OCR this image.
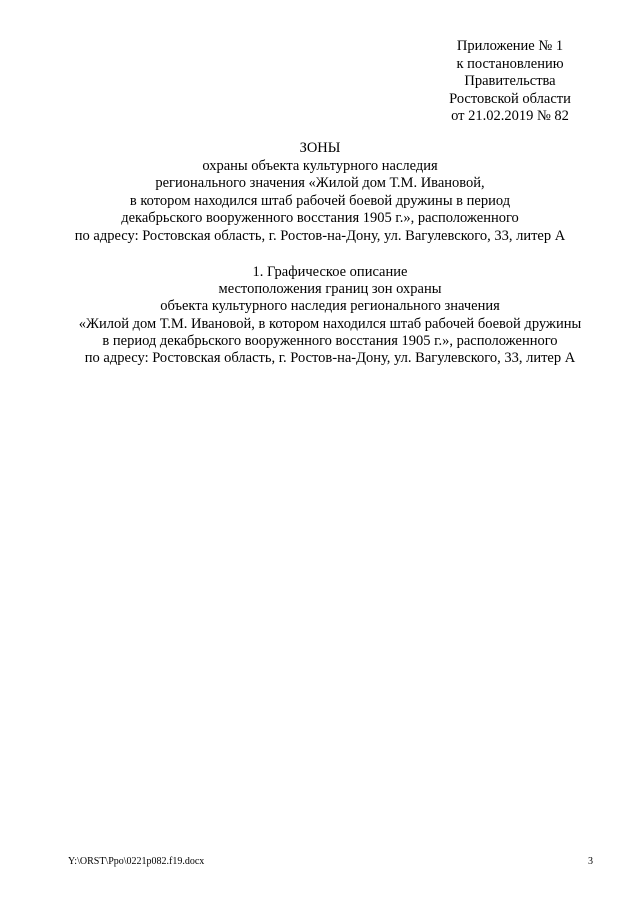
Приложение № 1
к постановлению
Правительства
Ростовской области
от 21.02.2019 № 82
ЗОНЫ
охраны объекта культурного наследия
регионального значения «Жилой дом Т.М. Ивановой,
в котором находился штаб рабочей боевой дружины в период
декабрьского вооруженного восстания 1905 г.», расположенного
по адресу: Ростовская область, г. Ростов-на-Дону, ул. Вагулевского, 33, литер А
1. Графическое описание
местоположения границ зон охраны
объекта культурного наследия регионального значения
«Жилой дом Т.М. Ивановой, в котором находился штаб рабочей боевой дружины
в период декабрьского вооруженного восстания 1905 г.», расположенного
по адресу: Ростовская область, г. Ростов-на-Дону, ул. Вагулевского, 33, литер А
Y:\ORST\Ppo\0221p082.f19.docx	3
